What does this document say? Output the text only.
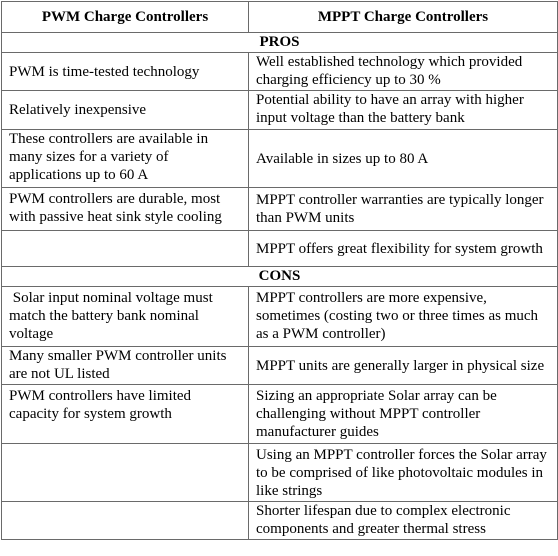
PWM Charge Controllers	MPPT Charge Controllers
PROS	
PWM is time-tested technology	Well established technology which provided charging efficiency up to 30 %
Relatively inexpensive	Potential ability to have an array with higher input voltage than the battery bank
These controllers are available in many sizes for a variety of applications up to 60 A	Available in sizes up to 80 A
PWM controllers are durable, most with passive heat sink style cooling	MPPT controller warranties are typically longer than PWM units
	MPPT offers great flexibility for system growth
CONS	
Solar input nominal voltage must match the battery bank nominal voltage	MPPT controllers are more expensive, sometimes (costing two or three times as much as a PWM controller)
Many smaller PWM controller units are not UL listed	MPPT units are generally larger in physical size
PWM controllers have limited capacity for system growth	Sizing an appropriate Solar array can be challenging without MPPT controller manufacturer guides
	Using an MPPT controller forces the Solar array to be comprised of like photovoltaic modules in like strings
	Shorter lifespan due to complex electronic components and greater thermal stress
